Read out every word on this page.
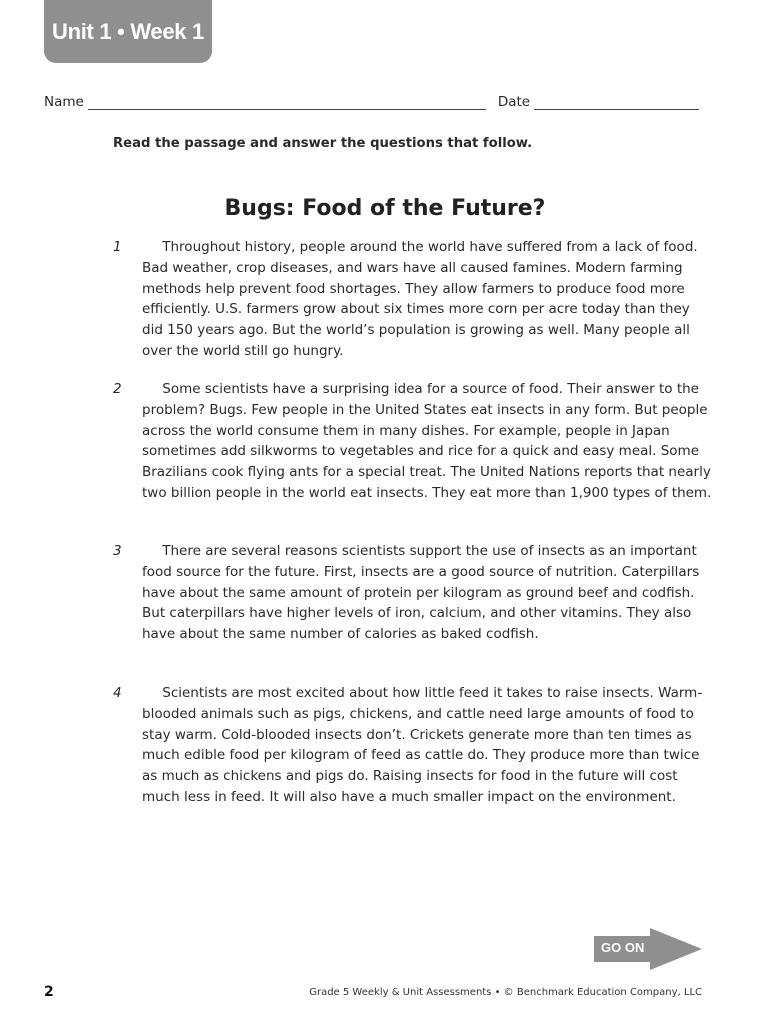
Unit 1 • Week 1
Name	Date
Read the passage and answer the questions that follow.
Bugs: Food of the Future?
1	  Throughout history, people around the world have suffered from a lack of food. Bad weather, crop diseases, and wars have all caused famines. Modern farming methods help prevent food shortages. They allow farmers to produce food more efficiently. U.S. farmers grow about six times more corn per acre today than they did 150 years ago. But the world’s population is growing as well. Many people all over the world still go hungry.

2	  Some scientists have a surprising idea for a source of food. Their answer to the problem? Bugs. Few people in the United States eat insects in any form. But people across the world consume them in many dishes. For example, people in Japan sometimes add silkworms to vegetables and rice for a quick and easy meal. Some Brazilians cook flying ants for a special treat. The United Nations reports that nearly two billion people in the world eat insects. They eat more than 1,900 types of them.

3	  There are several reasons scientists support the use of insects as an important food source for the future. First, insects are a good source of nutrition. Caterpillars have about the same amount of protein per kilogram as ground beef and codfish. But caterpillars have higher levels of iron, calcium, and other vitamins. They also have about the same number of calories as baked codfish.

4	  Scientists are most excited about how little feed it takes to raise insects. Warm-blooded animals such as pigs, chickens, and cattle need large amounts of food to stay warm. Cold-blooded insects don’t. Crickets generate more than ten times as much edible food per kilogram of feed as cattle do. They produce more than twice as much as chickens and pigs do. Raising insects for food in the future will cost much less in feed. It will also have a much smaller impact on the environment.

GO ON
2	Grade 5 Weekly & Unit Assessments • © Benchmark Education Company, LLC
